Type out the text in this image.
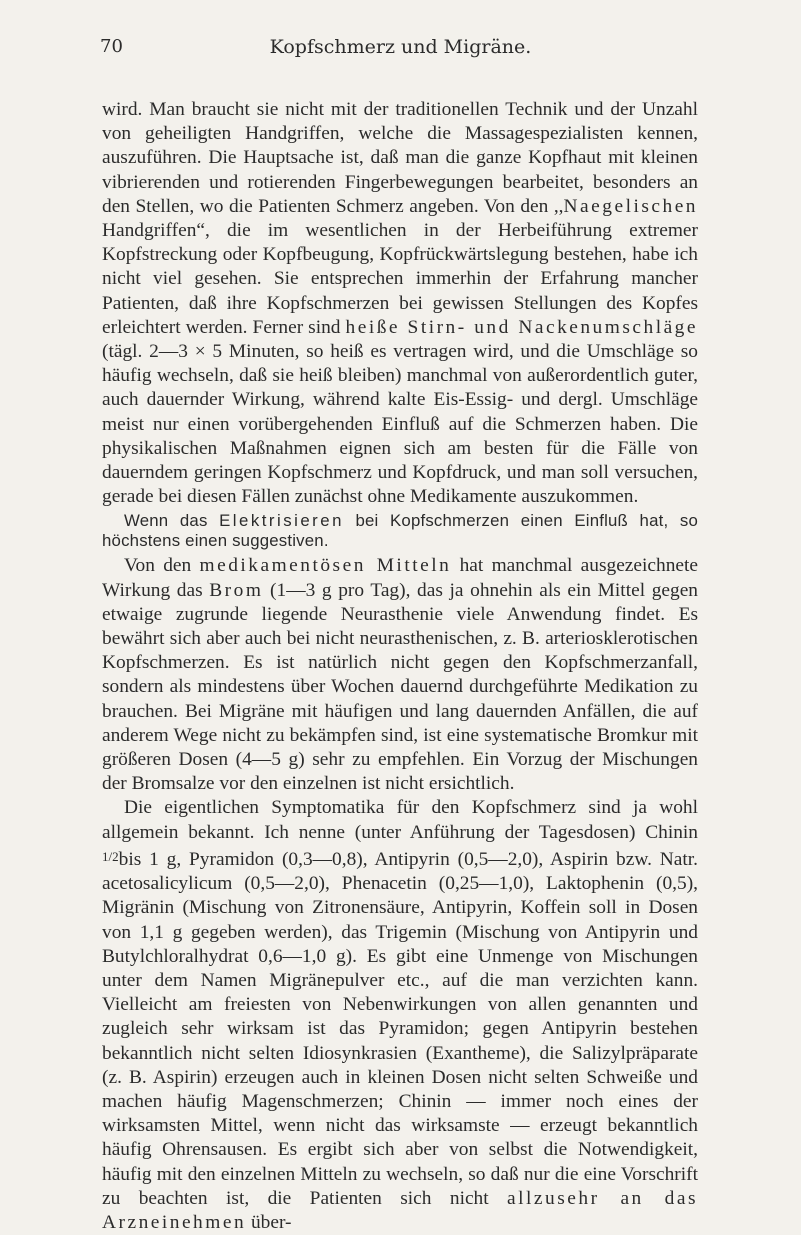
70	Kopfschmerz und Migräne.

wird. Man braucht sie nicht mit der traditionellen Technik und der Unzahl von geheiligten Handgriffen, welche die Massagespezialisten kennen, auszuführen. Die Hauptsache ist, daß man die ganze Kopfhaut mit kleinen vibrierenden und rotierenden Fingerbewegungen bearbeitet, besonders an den Stellen, wo die Patienten Schmerz angeben. Von den ,,Naegelischen Handgriffen“, die im wesentlichen in der Herbeiführung extremer Kopfstreckung oder Kopfbeugung, Kopfrückwärtslegung bestehen, habe ich nicht viel gesehen. Sie entsprechen immerhin der Erfahrung mancher Patienten, daß ihre Kopfschmerzen bei gewissen Stellungen des Kopfes erleichtert werden. Ferner sind heiße Stirn- und Nackenumschläge (tägl. 2—3 × 5 Minuten, so heiß es vertragen wird, und die Umschläge so häufig wechseln, daß sie heiß bleiben) manchmal von außerordentlich guter, auch dauernder Wirkung, während kalte Eis-Essig- und dergl. Umschläge meist nur einen vorübergehenden Einfluß auf die Schmerzen haben. Die physikalischen Maßnahmen eignen sich am besten für die Fälle von dauerndem geringen Kopfschmerz und Kopfdruck, und man soll versuchen, gerade bei diesen Fällen zunächst ohne Medikamente auszukommen.

Wenn das Elektrisieren bei Kopfschmerzen einen Einfluß hat, so höchstens einen suggestiven.

Von den medikamentösen Mitteln hat manchmal ausgezeichnete Wirkung das Brom (1—3 g pro Tag), das ja ohnehin als ein Mittel gegen etwaige zugrunde liegende Neurasthenie viele Anwendung findet. Es bewährt sich aber auch bei nicht neurasthenischen, z. B. arteriosklerotischen Kopfschmerzen. Es ist natürlich nicht gegen den Kopfschmerzanfall, sondern als mindestens über Wochen dauernd durchgeführte Medikation zu brauchen. Bei Migräne mit häufigen und lang dauernden Anfällen, die auf anderem Wege nicht zu bekämpfen sind, ist eine systematische Bromkur mit größeren Dosen (4—5 g) sehr zu empfehlen. Ein Vorzug der Mischungen der Bromsalze vor den einzelnen ist nicht ersichtlich.

Die eigentlichen Symptomatika für den Kopfschmerz sind ja wohl allgemein bekannt. Ich nenne (unter Anführung der Tagesdosen) Chinin $^{1/2}$bis 1 g, Pyramidon (0,3—0,8), Antipyrin (0,5—2,0), Aspirin bzw. Natr. acetosalicylicum (0,5—2,0), Phenacetin (0,25—1,0), Laktophenin (0,5), Migränin (Mischung von Zitronensäure, Antipyrin, Koffein soll in Dosen von 1,1 g gegeben werden), das Trigemin (Mischung von Antipyrin und Butylchloralhydrat 0,6—1,0 g). Es gibt eine Unmenge von Mischungen unter dem Namen Migränepulver etc., auf die man verzichten kann. Vielleicht am freiesten von Nebenwirkungen von allen genannten und zugleich sehr wirksam ist das Pyramidon; gegen Antipyrin bestehen bekanntlich nicht selten Idiosynkrasien (Exantheme), die Salizylpräparate (z. B. Aspirin) erzeugen auch in kleinen Dosen nicht selten Schweiße und machen häufig Magenschmerzen; Chinin — immer noch eines der wirksamsten Mittel, wenn nicht das wirksamste — erzeugt bekanntlich häufig Ohrensausen. Es ergibt sich aber von selbst die Notwendigkeit, häufig mit den einzelnen Mitteln zu wechseln, so daß nur die eine Vorschrift zu beachten ist, die Patienten sich nicht allzusehr an das Arzneinehmen über-
